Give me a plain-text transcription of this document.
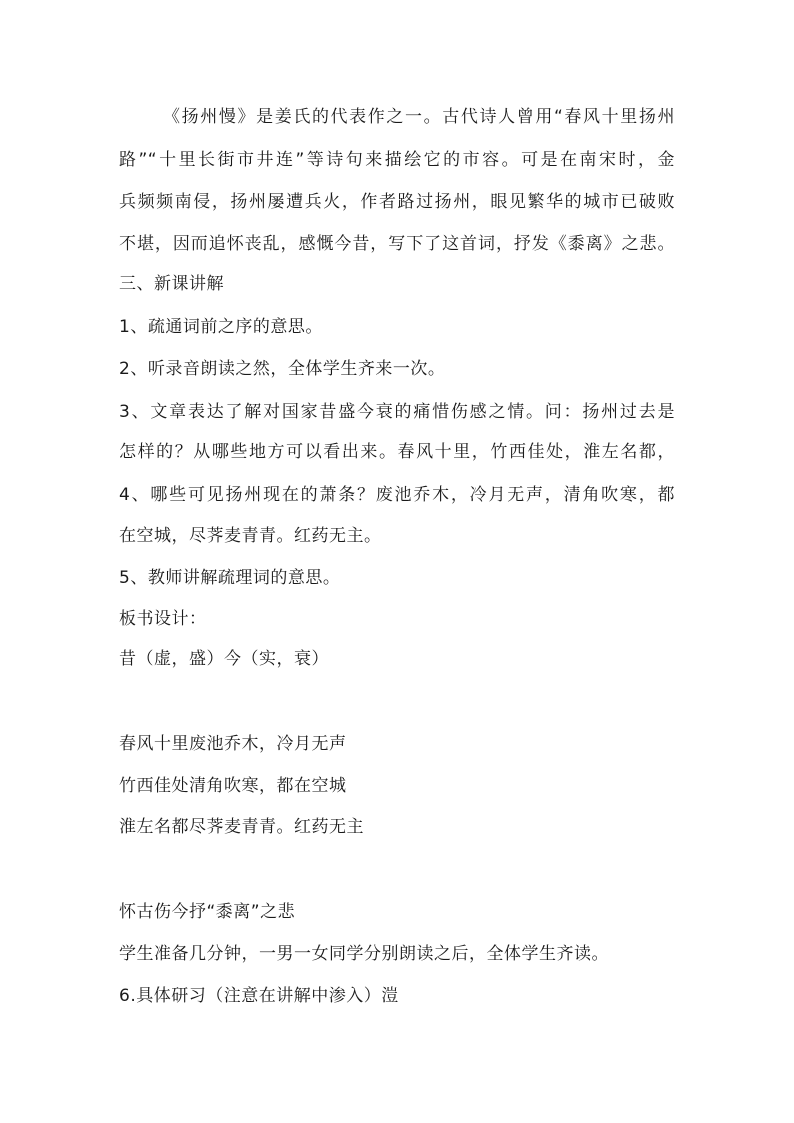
《扬州慢》是姜氏的代表作之一。古代诗人曾用“春风十里扬州
路”“十里长街市井连”等诗句来描绘它的市容。可是在南宋时，金
兵频频南侵，扬州屡遭兵火，作者路过扬州，眼见繁华的城市已破败
不堪，因而追怀丧乱，感慨今昔，写下了这首词，抒发《黍离》之悲。
三、新课讲解
1、疏通词前之序的意思。
2、听录音朗读之然，全体学生齐来一次。
3、文章表达了解对国家昔盛今衰的痛惜伤感之情。问：扬州过去是
怎样的？从哪些地方可以看出来。春风十里，竹西佳处，淮左名都，
4、哪些可见扬州现在的萧条？废池乔木，冷月无声，清角吹寒，都
在空城，尽荠麦青青。红药无主。
5、教师讲解疏理词的意思。
板书设计：
昔（虚，盛）今（实，衰）
春风十里废池乔木，冷月无声
竹西佳处清角吹寒，都在空城
淮左名都尽荠麦青青。红药无主
怀古伤今抒“黍离”之悲
学生准备几分钟，一男一女同学分别朗读之后，全体学生齐读。
6.具体研习（注意在讲解中渗入）溰
